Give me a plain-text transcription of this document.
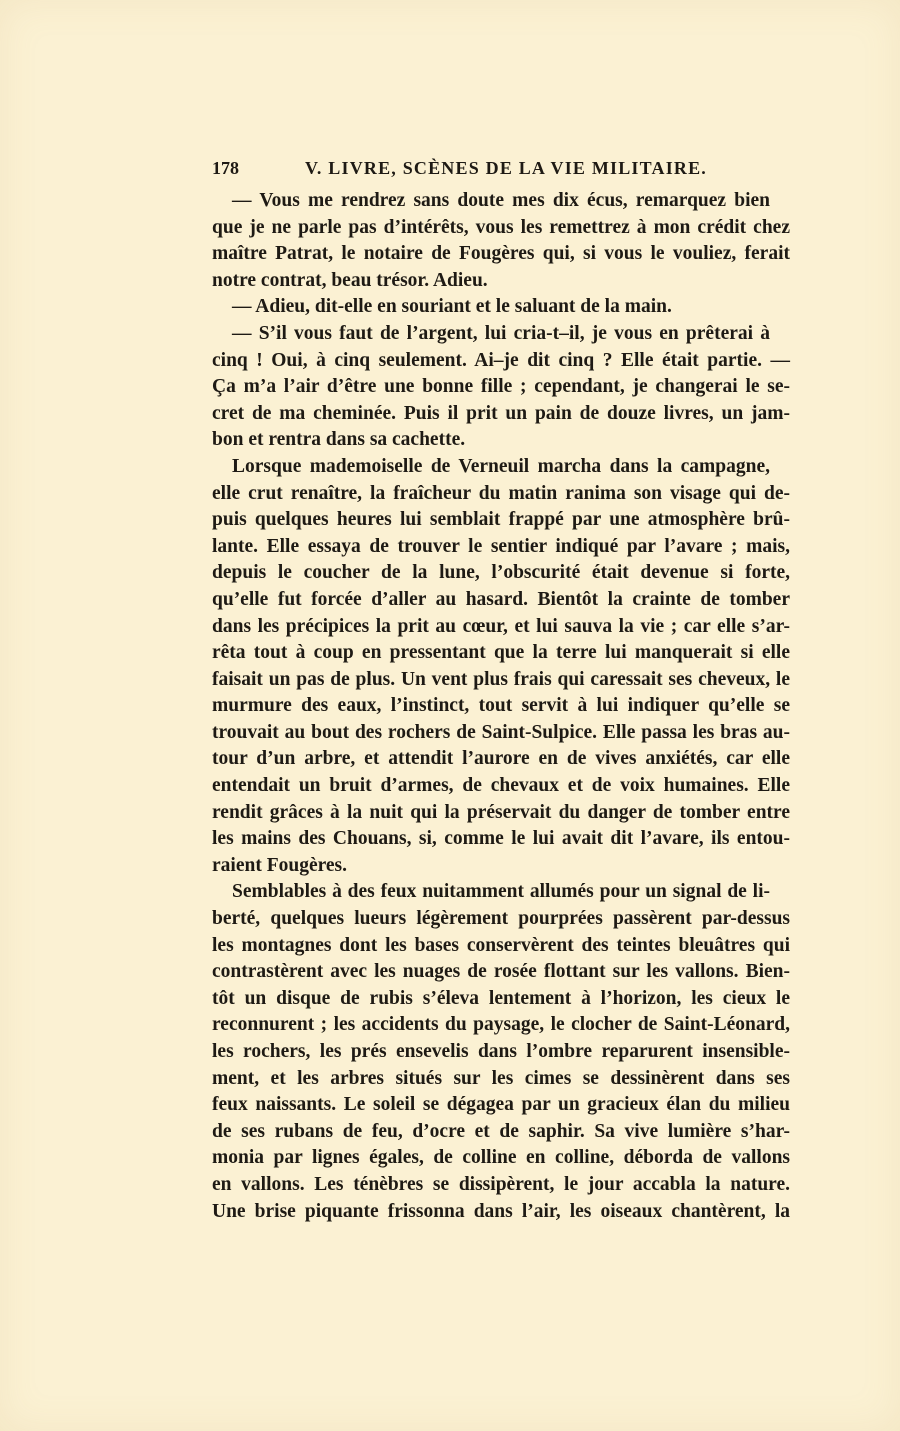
178	V. LIVRE, SCÈNES DE LA VIE MILITAIRE.
— Vous me rendrez sans doute mes dix écus, remarquez bien
que je ne parle pas d’intérêts, vous les remettrez à mon crédit chez
maître Patrat, le notaire de Fougères qui, si vous le vouliez, ferait
notre contrat, beau trésor. Adieu.
— Adieu, dit-elle en souriant et le saluant de la main.
— S’il vous faut de l’argent, lui cria-t–il, je vous en prêterai à
cinq ! Oui, à cinq seulement. Ai–je dit cinq ? Elle était partie. —
Ça m’a l’air d’être une bonne fille ; cependant, je changerai le se-
cret de ma cheminée. Puis il prit un pain de douze livres, un jam-
bon et rentra dans sa cachette.
Lorsque mademoiselle de Verneuil marcha dans la campagne,
elle crut renaître, la fraîcheur du matin ranima son visage qui de-
puis quelques heures lui semblait frappé par une atmosphère brû-
lante. Elle essaya de trouver le sentier indiqué par l’avare ; mais,
depuis le coucher de la lune, l’obscurité était devenue si forte,
qu’elle fut forcée d’aller au hasard. Bientôt la crainte de tomber
dans les précipices la prit au cœur, et lui sauva la vie ; car elle s’ar-
rêta tout à coup en pressentant que la terre lui manquerait si elle
faisait un pas de plus. Un vent plus frais qui caressait ses cheveux, le
murmure des eaux, l’instinct, tout servit à lui indiquer qu’elle se
trouvait au bout des rochers de Saint-Sulpice. Elle passa les bras au-
tour d’un arbre, et attendit l’aurore en de vives anxiétés, car elle
entendait un bruit d’armes, de chevaux et de voix humaines. Elle
rendit grâces à la nuit qui la préservait du danger de tomber entre
les mains des Chouans, si, comme le lui avait dit l’avare, ils entou-
raient Fougères.
Semblables à des feux nuitamment allumés pour un signal de li-
berté, quelques lueurs légèrement pourprées passèrent par-dessus
les montagnes dont les bases conservèrent des teintes bleuâtres qui
contrastèrent avec les nuages de rosée flottant sur les vallons. Bien-
tôt un disque de rubis s’éleva lentement à l’horizon, les cieux le
reconnurent ; les accidents du paysage, le clocher de Saint-Léonard,
les rochers, les prés ensevelis dans l’ombre reparurent insensible-
ment, et les arbres situés sur les cimes se dessinèrent dans ses
feux naissants. Le soleil se dégagea par un gracieux élan du milieu
de ses rubans de feu, d’ocre et de saphir. Sa vive lumière s’har-
monia par lignes égales, de colline en colline, déborda de vallons
en vallons. Les ténèbres se dissipèrent, le jour accabla la nature.
Une brise piquante frissonna dans l’air, les oiseaux chantèrent, la
